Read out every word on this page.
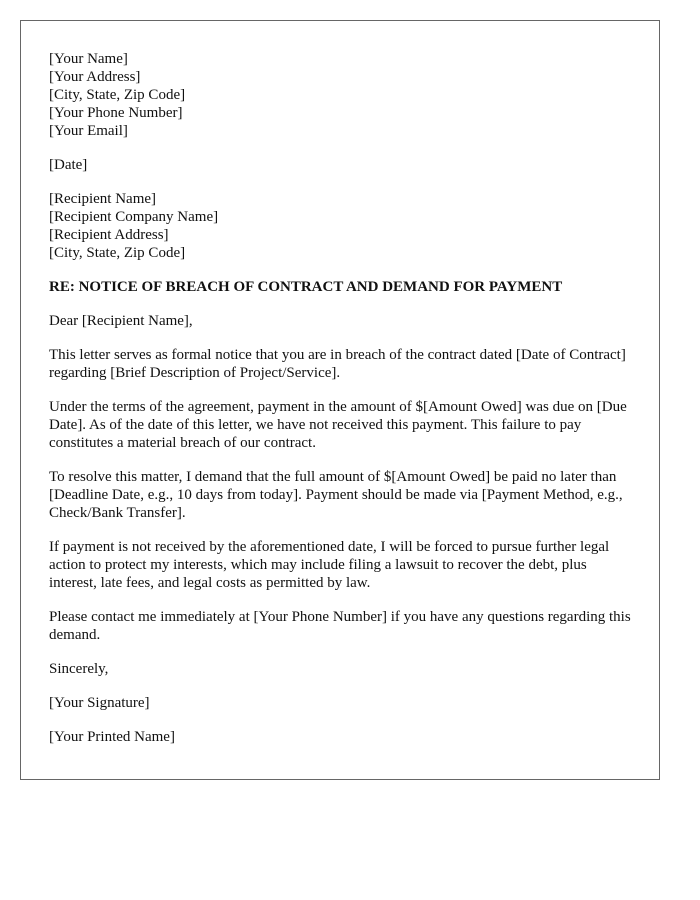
[Your Name]
[Your Address]
[City, State, Zip Code]
[Your Phone Number]
[Your Email]
[Date]
[Recipient Name]
[Recipient Company Name]
[Recipient Address]
[City, State, Zip Code]
RE: NOTICE OF BREACH OF CONTRACT AND DEMAND FOR PAYMENT

Dear [Recipient Name],

This letter serves as formal notice that you are in breach of the contract dated [Date of Contract] regarding [Brief Description of Project/Service].

Under the terms of the agreement, payment in the amount of $[Amount Owed] was due on [Due Date]. As of the date of this letter, we have not received this payment. This failure to pay constitutes a material breach of our contract.

To resolve this matter, I demand that the full amount of $[Amount Owed] be paid no later than [Deadline Date, e.g., 10 days from today]. Payment should be made via [Payment Method, e.g., Check/Bank Transfer].

If payment is not received by the aforementioned date, I will be forced to pursue further legal action to protect my interests, which may include filing a lawsuit to recover the debt, plus interest, late fees, and legal costs as permitted by law.

Please contact me immediately at [Your Phone Number] if you have any questions regarding this demand.

Sincerely,

[Your Signature]

[Your Printed Name]
